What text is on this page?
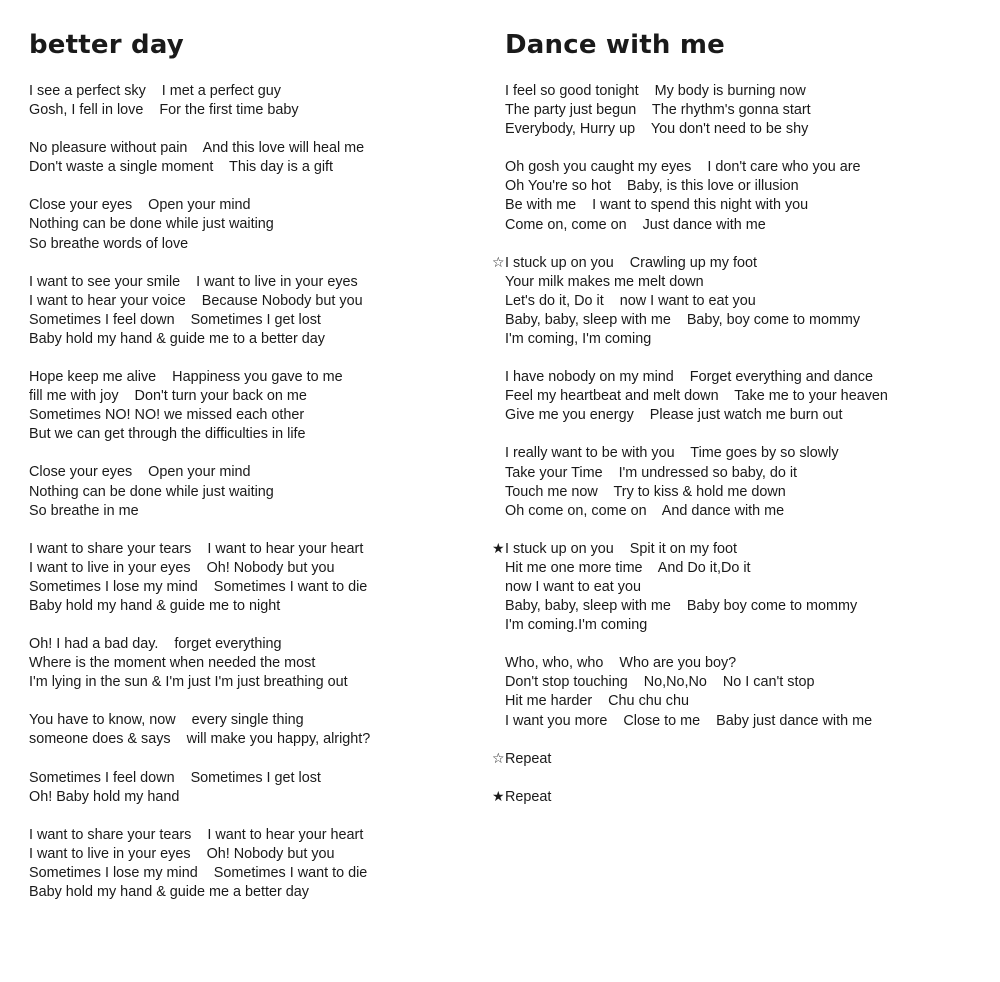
better day
I see a perfect sky    I met a perfect guy
Gosh, I fell in love    For the first time baby
No pleasure without pain    And this love will heal me
Don't waste a single moment    This day is a gift
Close your eyes    Open your mind
Nothing can be done while just waiting
So breathe words of love
I want to see your smile    I want to live in your eyes
I want to hear your voice    Because Nobody but you
Sometimes I feel down    Sometimes I get lost
Baby hold my hand & guide me to a better day
Hope keep me alive    Happiness you gave to me
fill me with joy    Don't turn your back on me
Sometimes NO! NO! we missed each other
But we can get through the difficulties in life
Close your eyes    Open your mind
Nothing can be done while just waiting
So breathe in me
I want to share your tears    I want to hear your heart
I want to live in your eyes    Oh! Nobody but you
Sometimes I lose my mind    Sometimes I want to die
Baby hold my hand & guide me to night
Oh! I had a bad day.    forget everything
Where is the moment when needed the most
I'm lying in the sun & I'm just I'm just breathing out
You have to know, now    every single thing
someone does & says    will make you happy, alright?
Sometimes I feel down    Sometimes I get lost
Oh! Baby hold my hand
I want to share your tears    I want to hear your heart
I want to live in your eyes    Oh! Nobody but you
Sometimes I lose my mind    Sometimes I want to die
Baby hold my hand & guide me a better day
Dance with me
I feel so good tonight    My body is burning now
The party just begun    The rhythm's gonna start
Everybody, Hurry up    You don't need to be shy
Oh gosh you caught my eyes    I don't care who you are
Oh You're so hot    Baby, is this love or illusion
Be with me    I want to spend this night with you
Come on, come on    Just dance with me
☆ I stuck up on you    Crawling up my foot
Your milk makes me melt down
Let's do it, Do it    now I want to eat you
Baby, baby, sleep with me    Baby, boy come to mommy
I'm coming, I'm coming
I have nobody on my mind    Forget everything and dance
Feel my heartbeat and melt down    Take me to your heaven
Give me you energy    Please just watch me burn out
I really want to be with you    Time goes by so slowly
Take your Time    I'm undressed so baby, do it
Touch me now    Try to kiss & hold me down
Oh come on, come on    And dance with me
★ I stuck up on you    Spit it on my foot
Hit me one more time    And Do it,Do it
now I want to eat you
Baby, baby, sleep with me    Baby boy come to mommy
I'm coming.I'm coming
Who, who, who    Who are you boy?
Don't stop touching    No,No,No    No I can't stop
Hit me harder    Chu chu chu
I want you more    Close to me    Baby just dance with me
☆ Repeat
★ Repeat
